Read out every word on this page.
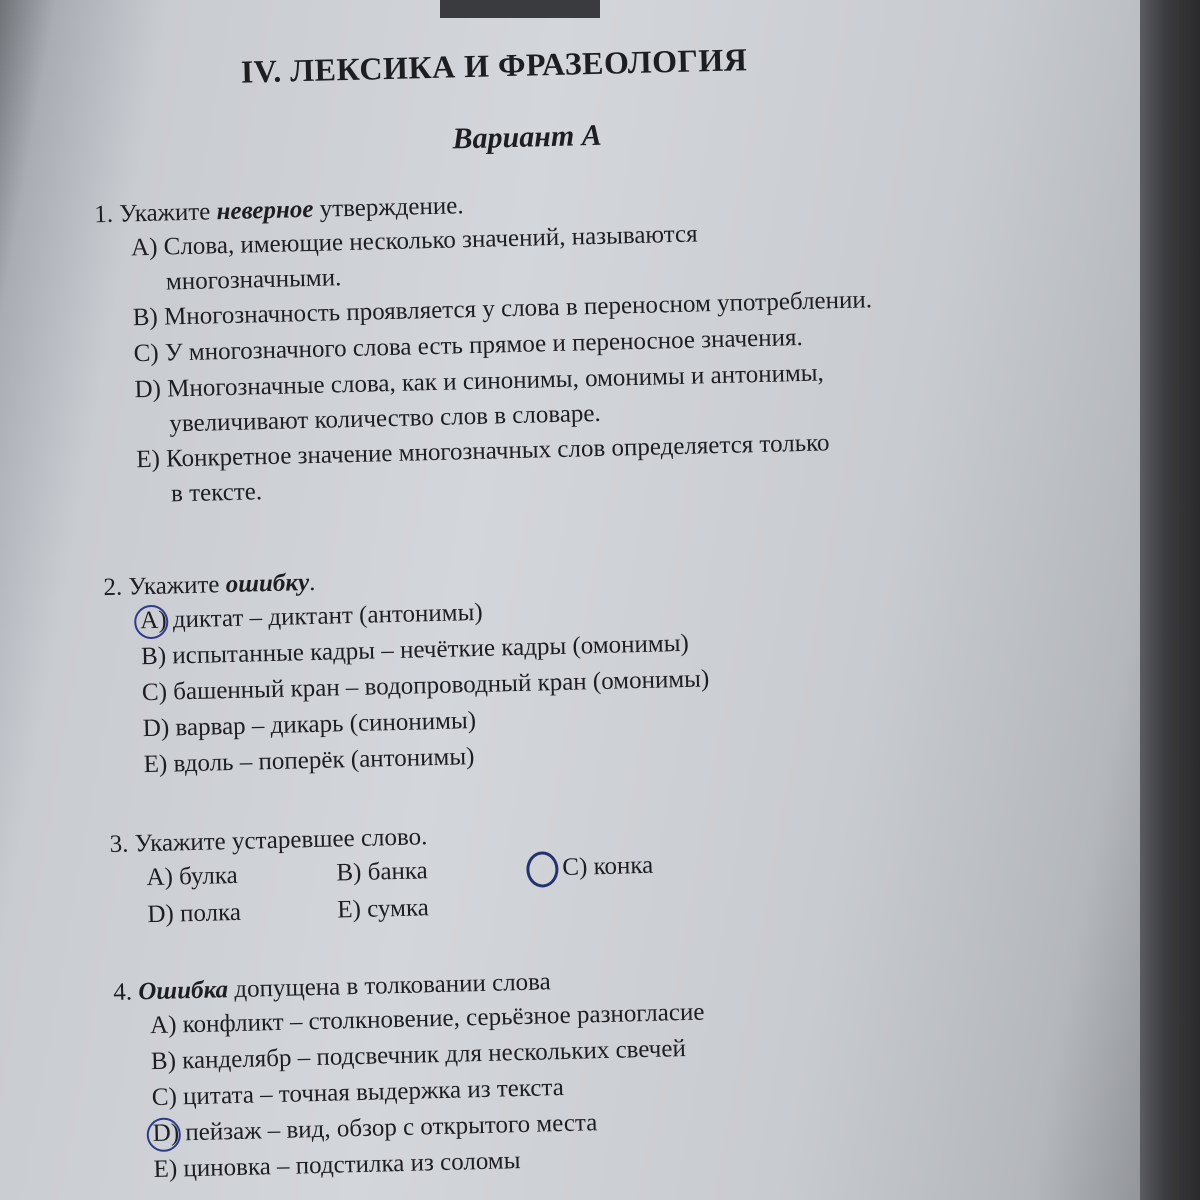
IV. ЛЕКСИКА И ФРАЗЕОЛОГИЯ
Вариант А
1. Укажите неверное утверждение.
A) Слова, имеющие несколько значений, называются
многозначными.
B) Многозначность проявляется у слова в переносном употреблении.
C) У многозначного слова есть прямое и переносное значения.
D) Многозначные слова, как и синонимы, омонимы и антонимы,
увеличивают количество слов в словаре.
E) Конкретное значение многозначных слов определяется только
в тексте.
2. Укажите ошибку.
A) диктат – диктант (антонимы)
B) испытанные кадры – нечёткие кадры (омонимы)
C) башенный кран – водопроводный кран (омонимы)
D) варвар – дикарь (синонимы)
E) вдоль – поперёк (антонимы)
3. Укажите устаревшее слово.
A) булка	B) банка	C) конка
D) полка	E) сумка
4. Ошибка допущена в толковании слова
A) конфликт – столкновение, серьёзное разногласие
B) канделябр – подсвечник для нескольких свечей
C) цитата – точная выдержка из текста
D) пейзаж – вид, обзор с открытого места
E) циновка – подстилка из соломы
